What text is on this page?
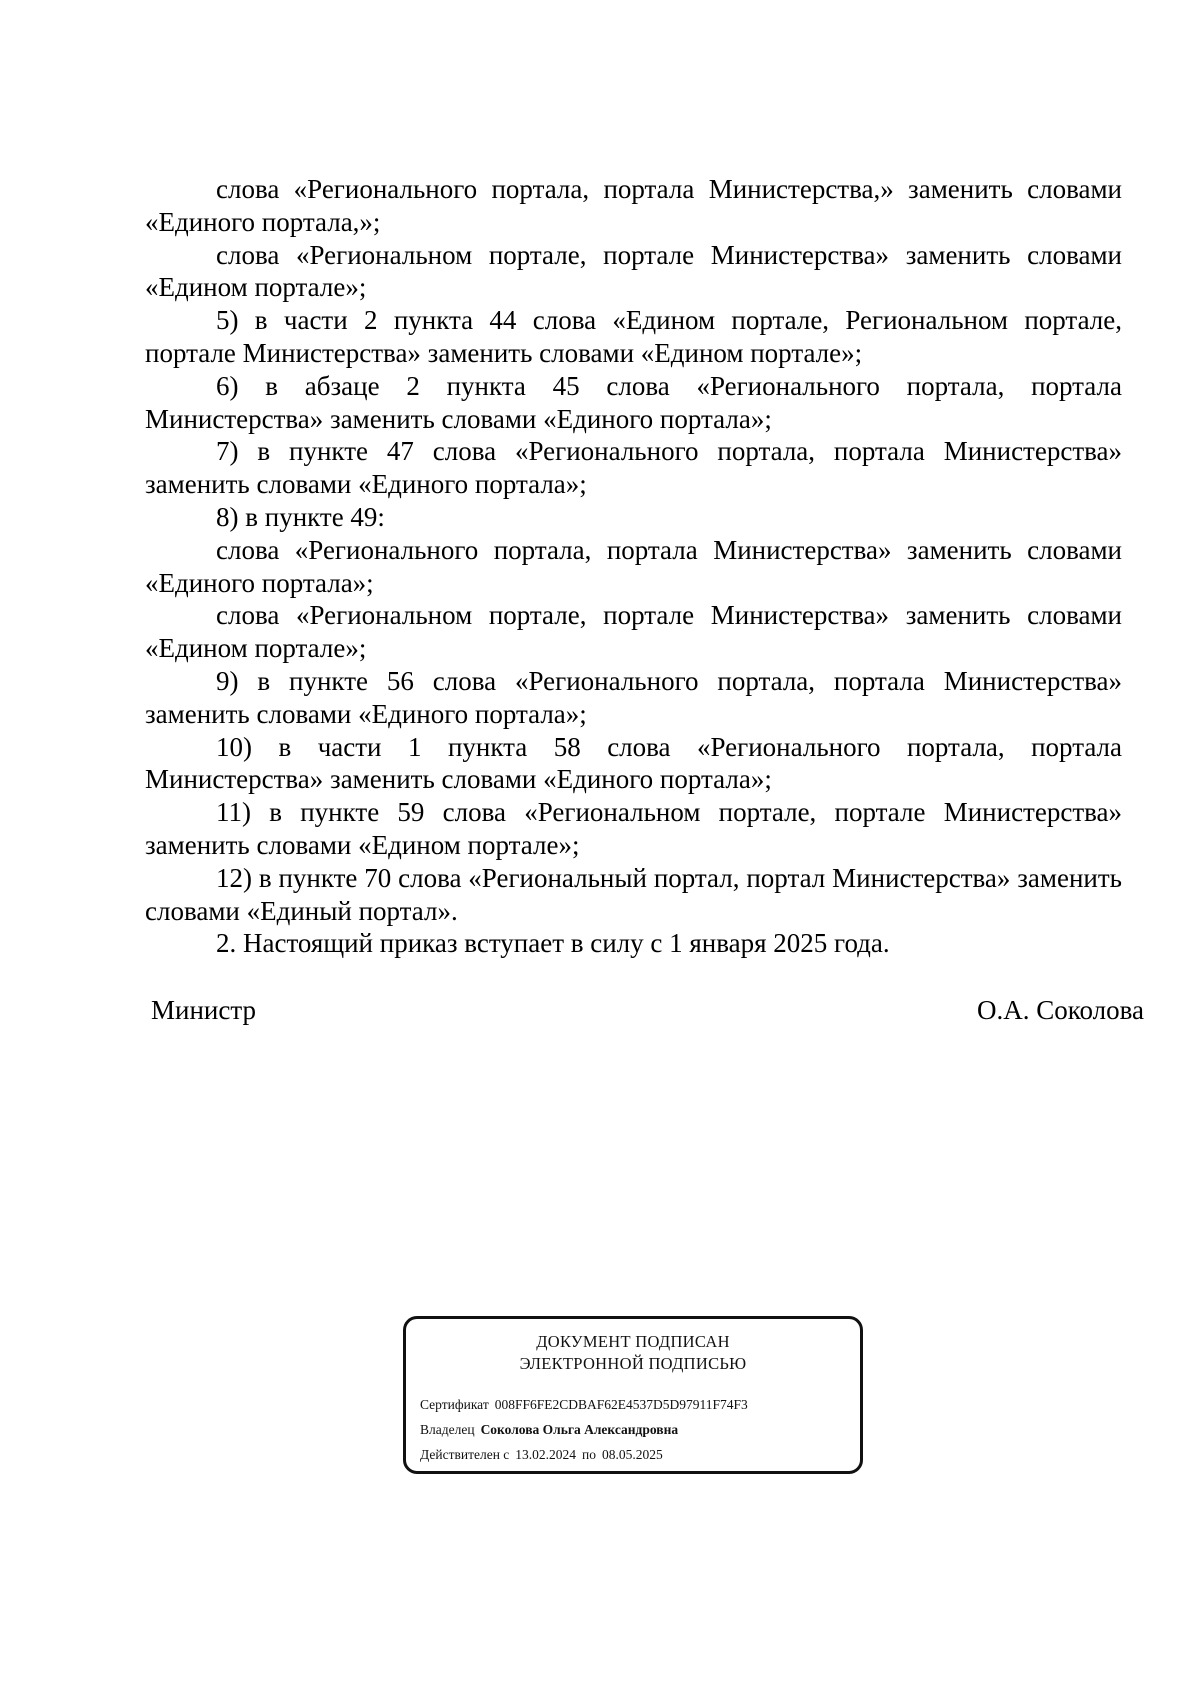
слова «Регионального портала, портала Министерства,» заменить словами «Единого портала,»;

слова «Региональном портале, портале Министерства» заменить словами «Едином портале»;

5) в части 2 пункта 44 слова «Едином портале, Региональном портале, портале Министерства» заменить словами «Едином портале»;

6) в абзаце 2 пункта 45 слова «Регионального портала, портала Министерства» заменить словами «Единого портала»;

7) в пункте 47 слова «Регионального портала, портала Министерства» заменить словами «Единого портала»;

8) в пункте 49:

слова «Регионального портала, портала Министерства» заменить словами «Единого портала»;

слова «Региональном портале, портале Министерства» заменить словами «Едином портале»;

9) в пункте 56 слова «Регионального портала, портала Министерства» заменить словами «Единого портала»;

10) в части 1 пункта 58 слова «Регионального портала, портала Министерства» заменить словами «Единого портала»;

11) в пункте 59 слова «Региональном портале, портале Министерства» заменить словами «Едином портале»;

12) в пункте 70 слова «Региональный портал, портал Министерства» заменить словами «Единый портал».

2. Настоящий приказ вступает в силу с 1 января 2025 года.

Министр	О.А. Соколова
ДОКУМЕНТ ПОДПИСАН
ЭЛЕКТРОННОЙ ПОДПИСЬЮ
Сертификат 008FF6FE2CDBAF62E4537D5D97911F74F3
Владелец Соколова Ольга Александровна
Действителен с 13.02.2024 по 08.05.2025
